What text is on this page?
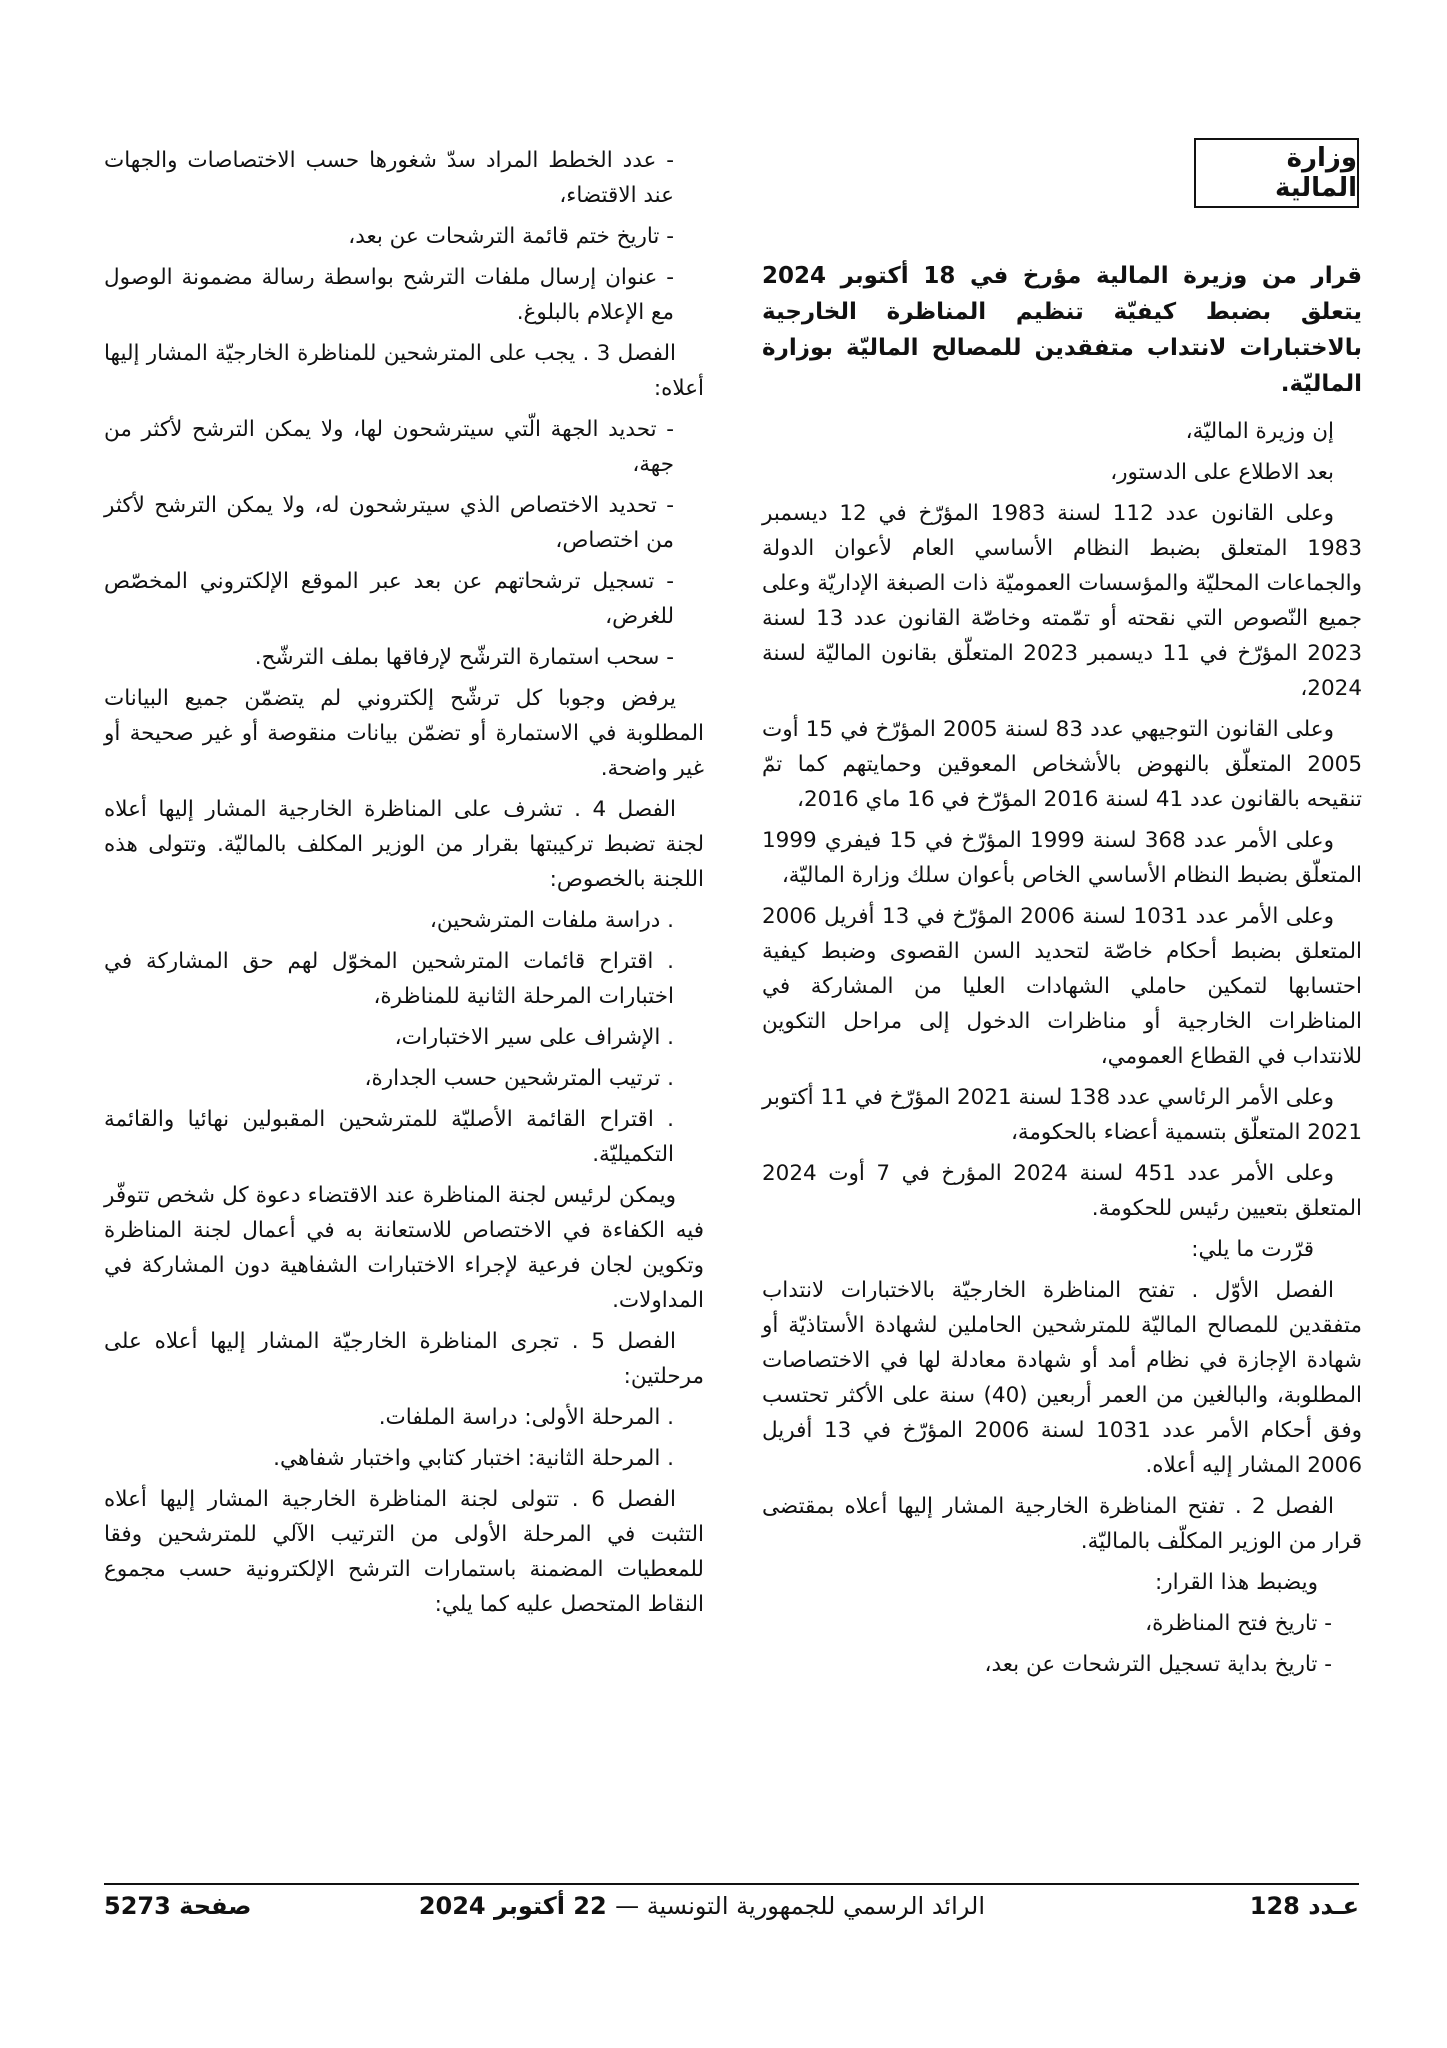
وزارة المالية

قرار من وزيرة المالية مؤرخ في 18 أكتوبر 2024 يتعلق بضبط كيفيّة تنظيم المناظرة الخارجية بالاختبارات لانتداب متفقدين للمصالح الماليّة بوزارة الماليّة.

إن وزيرة الماليّة،

بعد الاطلاع على الدستور،

وعلى القانون عدد 112 لسنة 1983 المؤرّخ في 12 ديسمبر 1983 المتعلق بضبط النظام الأساسي العام لأعوان الدولة والجماعات المحليّة والمؤسسات العموميّة ذات الصبغة الإداريّة وعلى جميع النّصوص التي نقحته أو تمّمته وخاصّة القانون عدد 13 لسنة 2023 المؤرّخ في 11 ديسمبر 2023 المتعلّق بقانون الماليّة لسنة 2024،

وعلى القانون التوجيهي عدد 83 لسنة 2005 المؤرّخ في 15 أوت 2005 المتعلّق بالنهوض بالأشخاص المعوقين وحمايتهم كما تمّ تنقيحه بالقانون عدد 41 لسنة 2016 المؤرّخ في 16 ماي 2016،

وعلى الأمر عدد 368 لسنة 1999 المؤرّخ في 15 فيفري 1999 المتعلّق بضبط النظام الأساسي الخاص بأعوان سلك وزارة الماليّة،

وعلى الأمر عدد 1031 لسنة 2006 المؤرّخ في 13 أفريل 2006 المتعلق بضبط أحكام خاصّة لتحديد السن القصوى وضبط كيفية احتسابها لتمكين حاملي الشهادات العليا من المشاركة في المناظرات الخارجية أو مناظرات الدخول إلى مراحل التكوين للانتداب في القطاع العمومي،

وعلى الأمر الرئاسي عدد 138 لسنة 2021 المؤرّخ في 11 أكتوبر 2021 المتعلّق بتسمية أعضاء بالحكومة،

وعلى الأمر عدد 451 لسنة 2024 المؤرخ في 7 أوت 2024 المتعلق بتعيين رئيس للحكومة.

قرّرت ما يلي:

الفصل الأوّل . تفتح المناظرة الخارجيّة بالاختبارات لانتداب متفقدين للمصالح الماليّة للمترشحين الحاملين لشهادة الأستاذيّة أو شهادة الإجازة في نظام أمد أو شهادة معادلة لها في الاختصاصات المطلوبة، والبالغين من العمر أربعين (40) سنة على الأكثر تحتسب وفق أحكام الأمر عدد 1031 لسنة 2006 المؤرّخ في 13 أفريل 2006 المشار إليه أعلاه.

الفصل 2 . تفتح المناظرة الخارجية المشار إليها أعلاه بمقتضى قرار من الوزير المكلّف بالماليّة.

ويضبط هذا القرار:

- تاريخ فتح المناظرة،

- تاريخ بداية تسجيل الترشحات عن بعد،

- عدد الخطط المراد سدّ شغورها حسب الاختصاصات والجهات عند الاقتضاء،

- تاريخ ختم قائمة الترشحات عن بعد،

- عنوان إرسال ملفات الترشح بواسطة رسالة مضمونة الوصول مع الإعلام بالبلوغ.

الفصل 3 . يجب على المترشحين للمناظرة الخارجيّة المشار إليها أعلاه:

- تحديد الجهة الّتي سيترشحون لها، ولا يمكن الترشح لأكثر من جهة،

- تحديد الاختصاص الذي سيترشحون له، ولا يمكن الترشح لأكثر من اختصاص،

- تسجيل ترشحاتهم عن بعد عبر الموقع الإلكتروني المخصّص للغرض،

- سحب استمارة الترشّح لإرفاقها بملف الترشّح.

يرفض وجوبا كل ترشّح إلكتروني لم يتضمّن جميع البيانات المطلوبة في الاستمارة أو تضمّن بيانات منقوصة أو غير صحيحة أو غير واضحة.

الفصل 4 . تشرف على المناظرة الخارجية المشار إليها أعلاه لجنة تضبط تركيبتها بقرار من الوزير المكلف بالماليّة. وتتولى هذه اللجنة بالخصوص:

. دراسة ملفات المترشحين،

. اقتراح قائمات المترشحين المخوّل لهم حق المشاركة في اختبارات المرحلة الثانية للمناظرة،

. الإشراف على سير الاختبارات،

. ترتيب المترشحين حسب الجدارة،

. اقتراح القائمة الأصليّة للمترشحين المقبولين نهائيا والقائمة التكميليّة.

ويمكن لرئيس لجنة المناظرة عند الاقتضاء دعوة كل شخص تتوفّر فيه الكفاءة في الاختصاص للاستعانة به في أعمال لجنة المناظرة وتكوين لجان فرعية لإجراء الاختبارات الشفاهية دون المشاركة في المداولات.

الفصل 5 . تجرى المناظرة الخارجيّة المشار إليها أعلاه على مرحلتين:

. المرحلة الأولى: دراسة الملفات.

. المرحلة الثانية: اختبار كتابي واختبار شفاهي.

الفصل 6 . تتولى لجنة المناظرة الخارجية المشار إليها أعلاه التثبت في المرحلة الأولى من الترتيب الآلي للمترشحين وفقا للمعطيات المضمنة باستمارات الترشح الإلكترونية حسب مجموع النقاط المتحصل عليه كما يلي:

عـدد 128
الرائد الرسمي للجمهورية التونسية — 22 أكتوبر 2024
صفحة 5273
